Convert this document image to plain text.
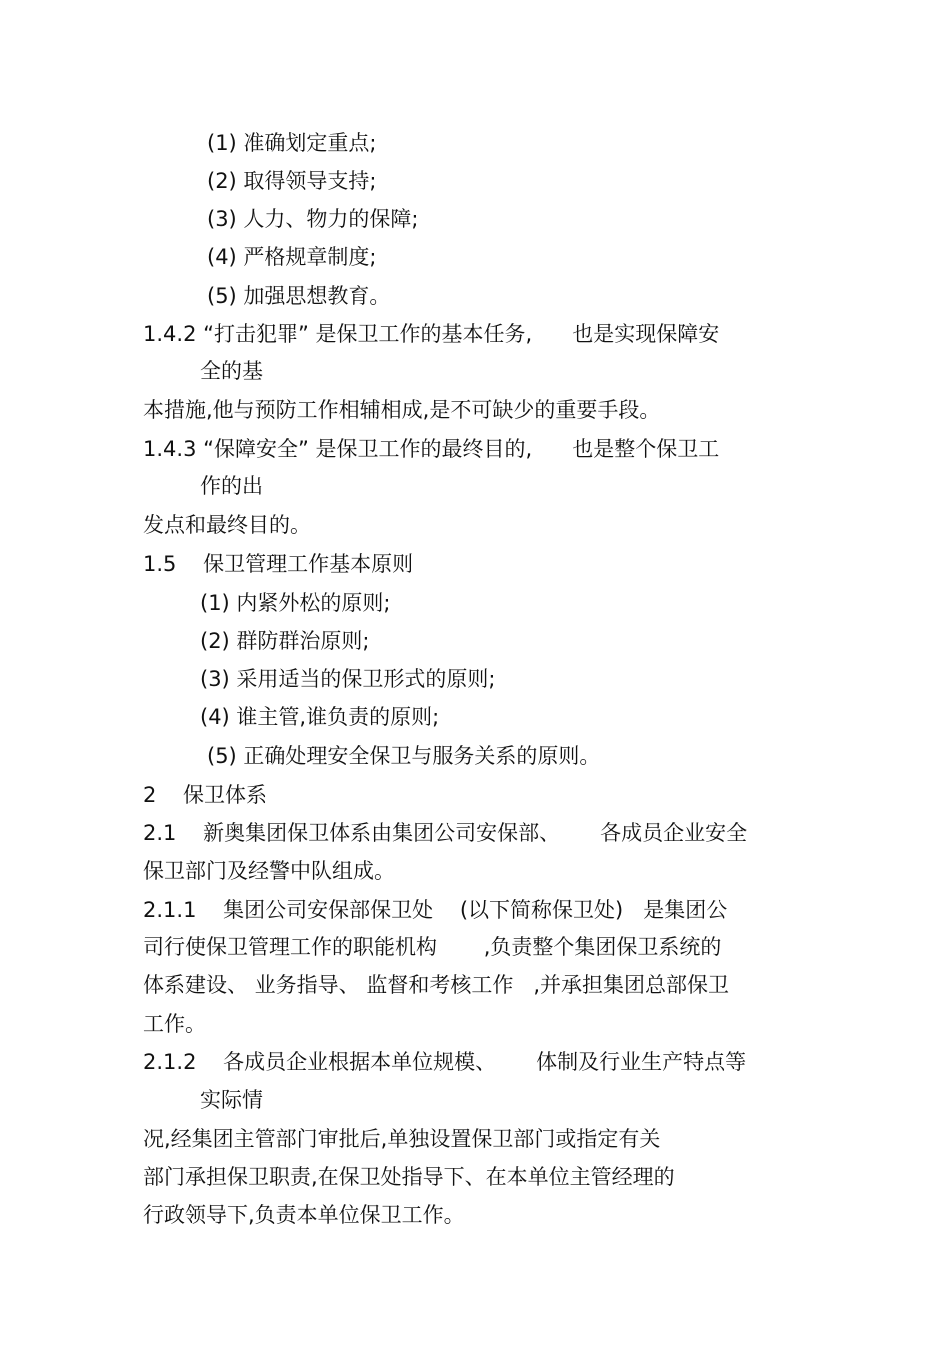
(1) 准确划定重点;
(2) 取得领导支持;
(3) 人力、物力的保障;
(4) 严格规章制度;
(5) 加强思想教育。
1.4.2 “打击犯罪” 是保卫工作的基本任务,      也是实现保障安
全的基
本措施,他与预防工作相辅相成,是不可缺少的重要手段。
1.4.3 “保障安全” 是保卫工作的最终目的,      也是整个保卫工
作的出
发点和最终目的。
1.5    保卫管理工作基本原则
(1) 内紧外松的原则;
(2) 群防群治原则;
(3) 采用适当的保卫形式的原则;
(4) 谁主管,谁负责的原则;
(5) 正确处理安全保卫与服务关系的原则。
2    保卫体系
2.1    新奥集团保卫体系由集团公司安保部、      各成员企业安全
保卫部门及经警中队组成。
2.1.1    集团公司安保部保卫处    (以下简称保卫处)   是集团公
司行使保卫管理工作的职能机构       ,负责整个集团保卫系统的
体系建设、 业务指导、 监督和考核工作   ,并承担集团总部保卫
工作。
2.1.2    各成员企业根据本单位规模、      体制及行业生产特点等
实际情
况,经集团主管部门审批后,单独设置保卫部门或指定有关
部门承担保卫职责,在保卫处指导下、在本单位主管经理的
行政领导下,负责本单位保卫工作。
